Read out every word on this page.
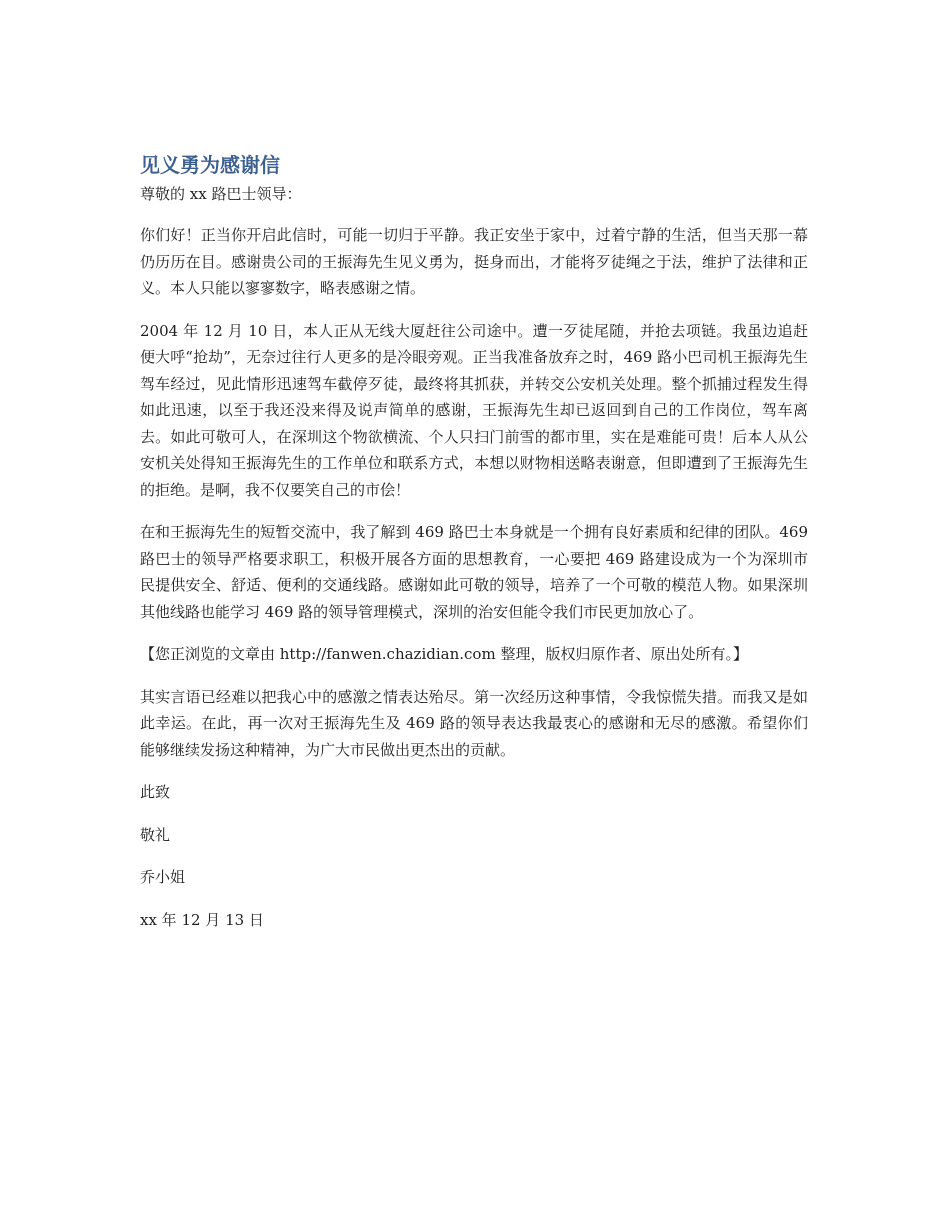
见义勇为感谢信

尊敬的 xx 路巴士领导：

你们好！正当你开启此信时，可能一切归于平静。我正安坐于家中，过着宁静的生活，但当天那一幕仍历历在目。感谢贵公司的王振海先生见义勇为，挺身而出，才能将歹徒绳之于法，维护了法律和正义。本人只能以寥寥数字，略表感谢之情。

2004 年 12 月 10 日，本人正从无线大厦赶往公司途中。遭一歹徒尾随，并抢去项链。我虽边追赶便大呼“抢劫”，无奈过往行人更多的是冷眼旁观。正当我准备放弃之时，469 路小巴司机王振海先生驾车经过，见此情形迅速驾车截停歹徒，最终将其抓获，并转交公安机关处理。整个抓捕过程发生得如此迅速，以至于我还没来得及说声简单的感谢，王振海先生却已返回到自己的工作岗位，驾车离去。如此可敬可人，在深圳这个物欲横流、个人只扫门前雪的都市里，实在是难能可贵！后本人从公安机关处得知王振海先生的工作单位和联系方式，本想以财物相送略表谢意，但即遭到了王振海先生的拒绝。是啊，我不仅要笑自己的市侩！

在和王振海先生的短暂交流中，我了解到 469 路巴士本身就是一个拥有良好素质和纪律的团队。469 路巴士的领导严格要求职工，积极开展各方面的思想教育，一心要把 469 路建设成为一个为深圳市民提供安全、舒适、便利的交通线路。感谢如此可敬的领导，培养了一个可敬的模范人物。如果深圳其他线路也能学习 469 路的领导管理模式，深圳的治安但能令我们市民更加放心了。

【您正浏览的文章由 http://fanwen.chazidian.com 整理，版权归原作者、原出处所有。】

其实言语已经难以把我心中的感激之情表达殆尽。第一次经历这种事情，令我惊慌失措。而我又是如此幸运。在此，再一次对王振海先生及 469 路的领导表达我最衷心的感谢和无尽的感激。希望你们能够继续发扬这种精神，为广大市民做出更杰出的贡献。

此致

敬礼

乔小姐

xx 年 12 月 13 日
